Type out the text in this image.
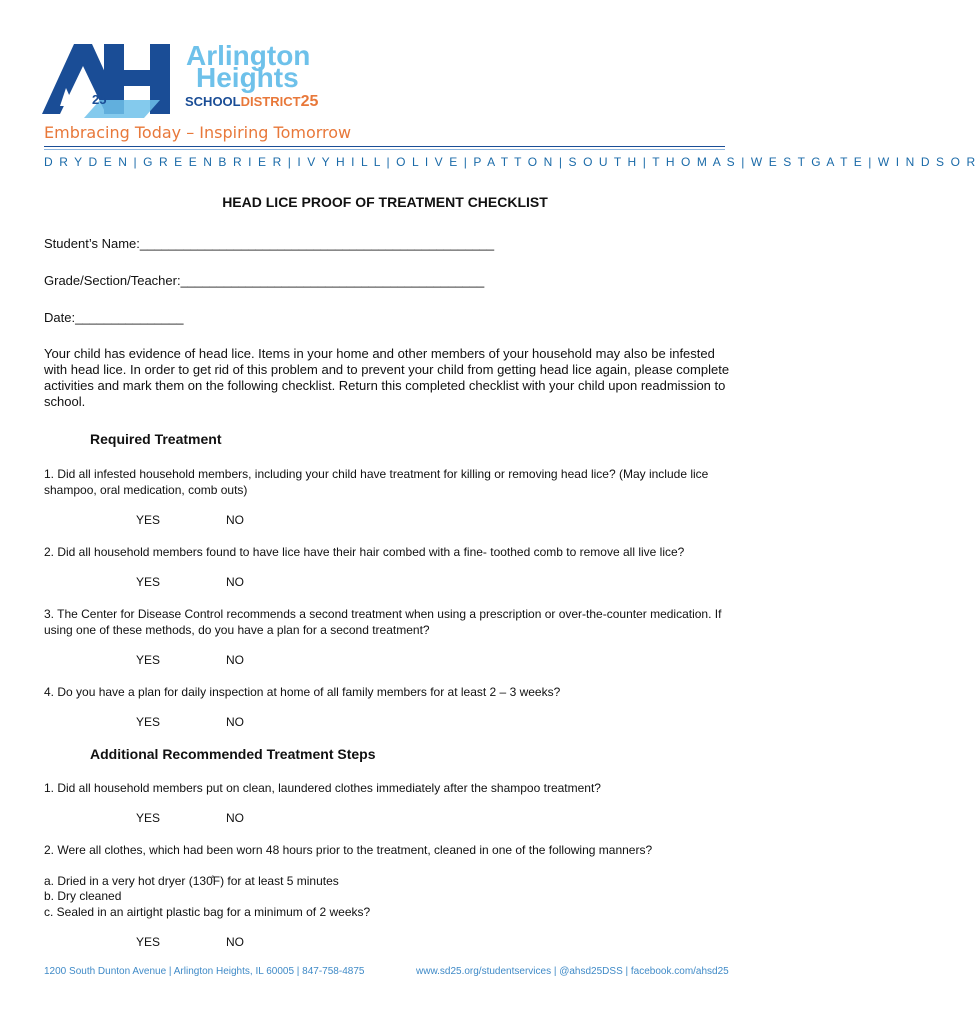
25
Arlington
Heights
SCHOOLDISTRICT25
Embracing Today – Inspiring Tomorrow
D R Y D E N | G R E E N B R I E R | I V Y H I L L | O L I V E | P A T T O N | S O U T H | T H O M A S | W E S T G A T E | W I N D S O R
HEAD LICE PROOF OF TREATMENT CHECKLIST
Student’s Name:_________________________________________________
Grade/Section/Teacher:__________________________________________
Date:_______________
Your child has evidence of head lice. Items in your home and other members of your household may also be infested with head lice. In order to get rid of this problem and to prevent your child from getting head lice again, please complete activities and mark them on the following checklist. Return this completed checklist with your child upon readmission to school.
Required Treatment
1. Did all infested household members, including your child have treatment for killing or removing head lice? (May include lice shampoo, oral medication, comb outs)
YES	NO
2. Did all household members found to have lice have their hair combed with a fine- toothed comb to remove all live lice?
YES	NO
3. The Center for Disease Control recommends a second treatment when using a prescription or over-the-counter medication. If using one of these methods, do you have a plan for a second treatment?
YES	NO
4. Do you have a plan for daily inspection at home of all family members for at least 2 – 3 weeks?
YES	NO
Additional Recommended Treatment Steps
1. Did all household members put on clean, laundered clothes immediately after the shampoo treatment?
YES	NO
2. Were all clothes, which had been worn 48 hours prior to the treatment, cleaned in one of the following manners?
a. Dried in a very hot dryer (130̊F) for at least 5 minutes
b. Dry cleaned
c. Sealed in an airtight plastic bag for a minimum of 2 weeks?
YES	NO
1200 South Dunton Avenue | Arlington Heights, IL 60005 | 847-758-4875	www.sd25.org/studentservices | @ahsd25DSS | facebook.com/ahsd25
